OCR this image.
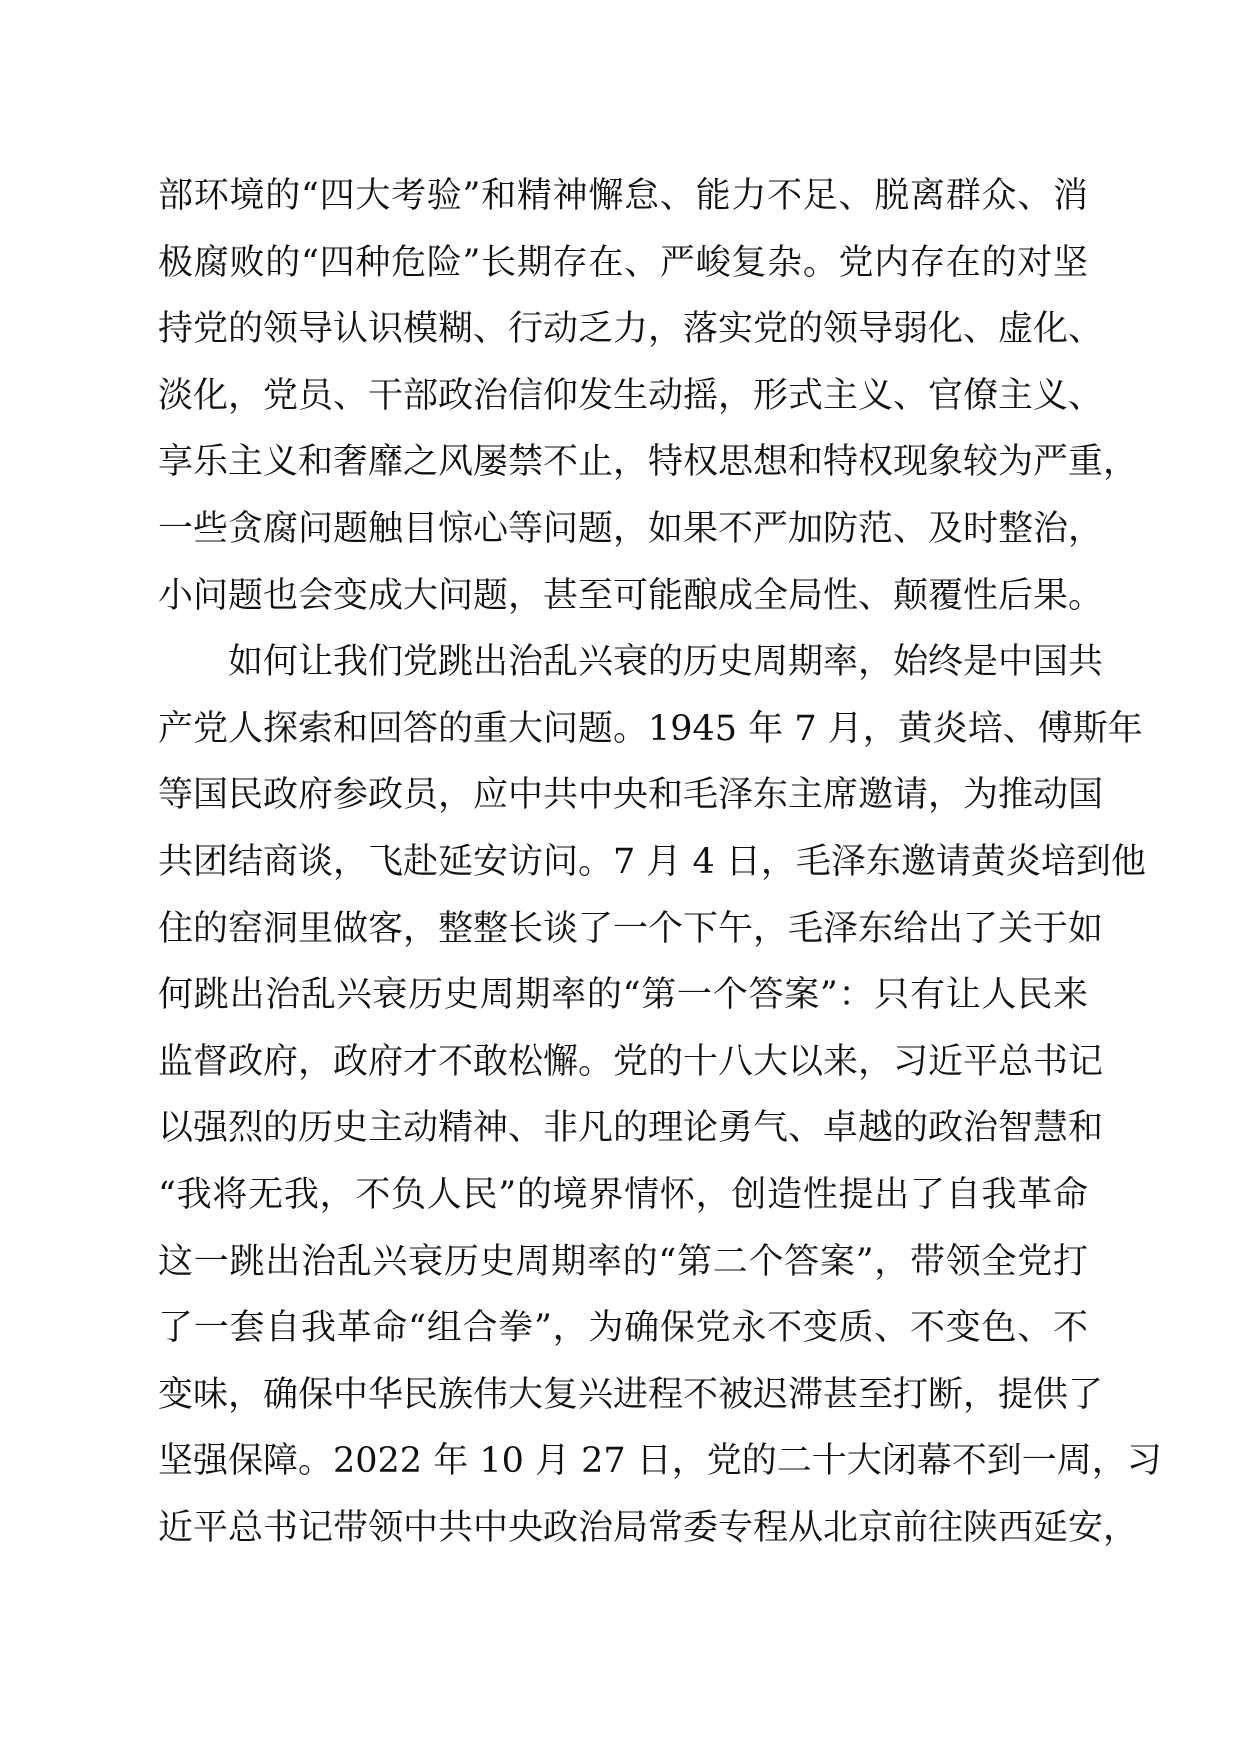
部环境的“四大考验”和精神懈怠、能力不足、脱离群众、消
极腐败的“四种危险”长期存在、严峻复杂。党内存在的对坚
持党的领导认识模糊、行动乏力，落实党的领导弱化、虚化、
淡化，党员、干部政治信仰发生动摇，形式主义、官僚主义、
享乐主义和奢靡之风屡禁不止，特权思想和特权现象较为严重，
一些贪腐问题触目惊心等问题，如果不严加防范、及时整治，
小问题也会变成大问题，甚至可能酿成全局性、颠覆性后果。
如何让我们党跳出治乱兴衰的历史周期率，始终是中国共
产党人探索和回答的重大问题。1945 年 7 月，黄炎培、傅斯年
等国民政府参政员，应中共中央和毛泽东主席邀请，为推动国
共团结商谈，飞赴延安访问。7 月 4 日，毛泽东邀请黄炎培到他
住的窑洞里做客，整整长谈了一个下午，毛泽东给出了关于如
何跳出治乱兴衰历史周期率的“第一个答案”：只有让人民来
监督政府，政府才不敢松懈。党的十八大以来，习近平总书记
以强烈的历史主动精神、非凡的理论勇气、卓越的政治智慧和
“我将无我，不负人民”的境界情怀，创造性提出了自我革命
这一跳出治乱兴衰历史周期率的“第二个答案”，带领全党打
了一套自我革命“组合拳”，为确保党永不变质、不变色、不
变味，确保中华民族伟大复兴进程不被迟滞甚至打断，提供了
坚强保障。2022 年 10 月 27 日，党的二十大闭幕不到一周，习
近平总书记带领中共中央政治局常委专程从北京前往陕西延安，
